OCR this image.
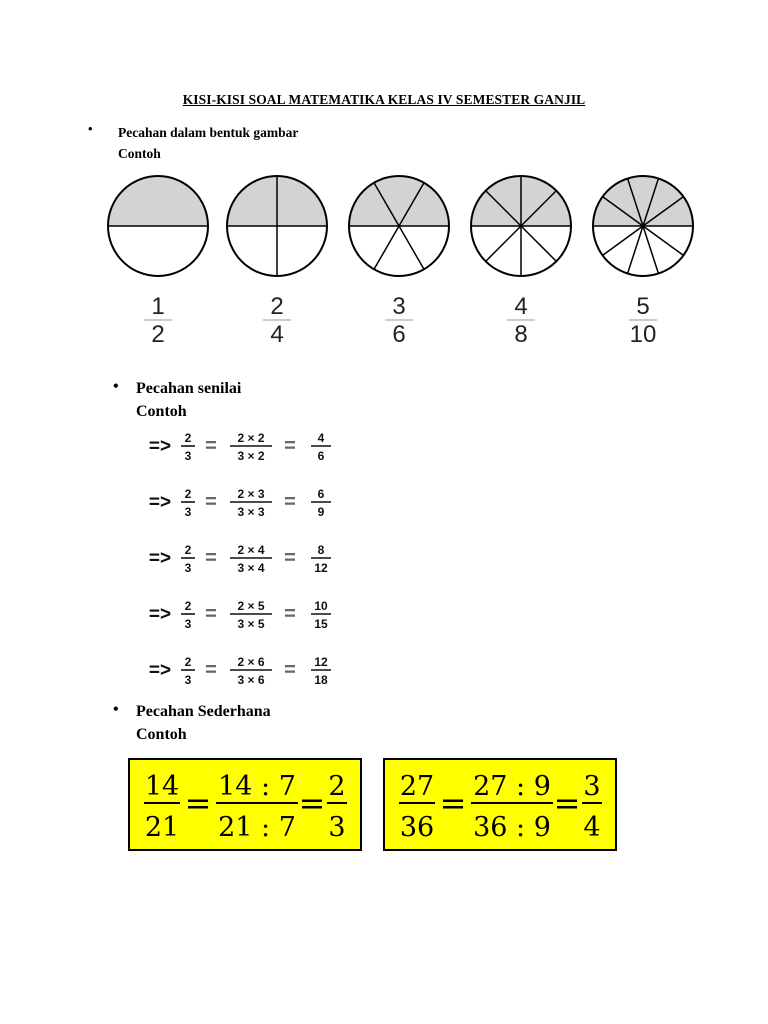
KISI-KISI SOAL MATEMATIKA KELAS IV SEMESTER GANJIL
• Pecahan dalam bentuk gambar
Contoh
1
2
2
4
3
6
4
8
5
10
• Pecahan senilai
Contoh
=> 2
3 = 2 × 2
3 × 2 = 4
6
=> 2
3 = 2 × 3
3 × 3 = 6
9
=> 2
3 = 2 × 4
3 × 4 = 8
12
=> 2
3 = 2 × 5
3 × 5 = 10
15
=> 2
3 = 2 × 6
3 × 6 = 12
18
• Pecahan Sederhana
Contoh
14
21
= 14 : 7
21 : 7
= 2
3
27
36
= 27 : 9
36 : 9
= 3
4
